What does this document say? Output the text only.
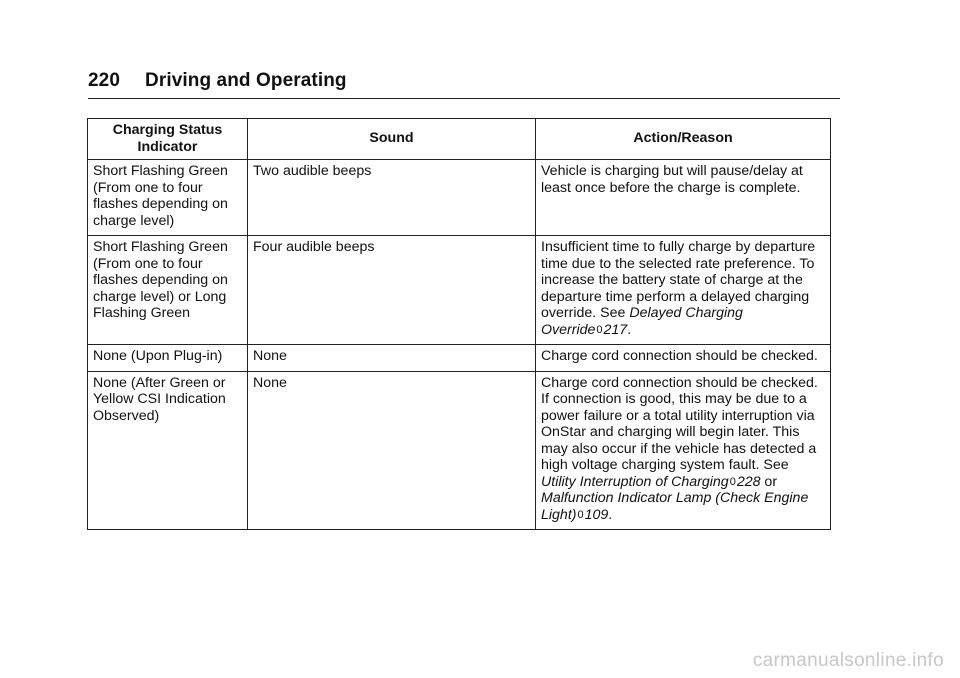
220 Driving and Operating
Charging Status Indicator	Sound	Action/Reason
Short Flashing Green (From one to four flashes depending on charge level)	Two audible beeps	Vehicle is charging but will pause/delay at least once before the charge is complete.
Short Flashing Green (From one to four flashes depending on charge level) or Long Flashing Green	Four audible beeps	Insufficient time to fully charge by departure time due to the selected rate preference. To increase the battery state of charge at the departure time perform a delayed charging override. See Delayed Charging Override0217.
None (Upon Plug-in)	None	Charge cord connection should be checked.
None (After Green or Yellow CSI Indication Observed)	None	Charge cord connection should be checked. If connection is good, this may be due to a power failure or a total utility interruption via OnStar and charging will begin later. This may also occur if the vehicle has detected a high voltage charging system fault. See Utility Interruption of Charging0228 or Malfunction Indicator Lamp (Check Engine Light)0109.
carmanualsonline.info
